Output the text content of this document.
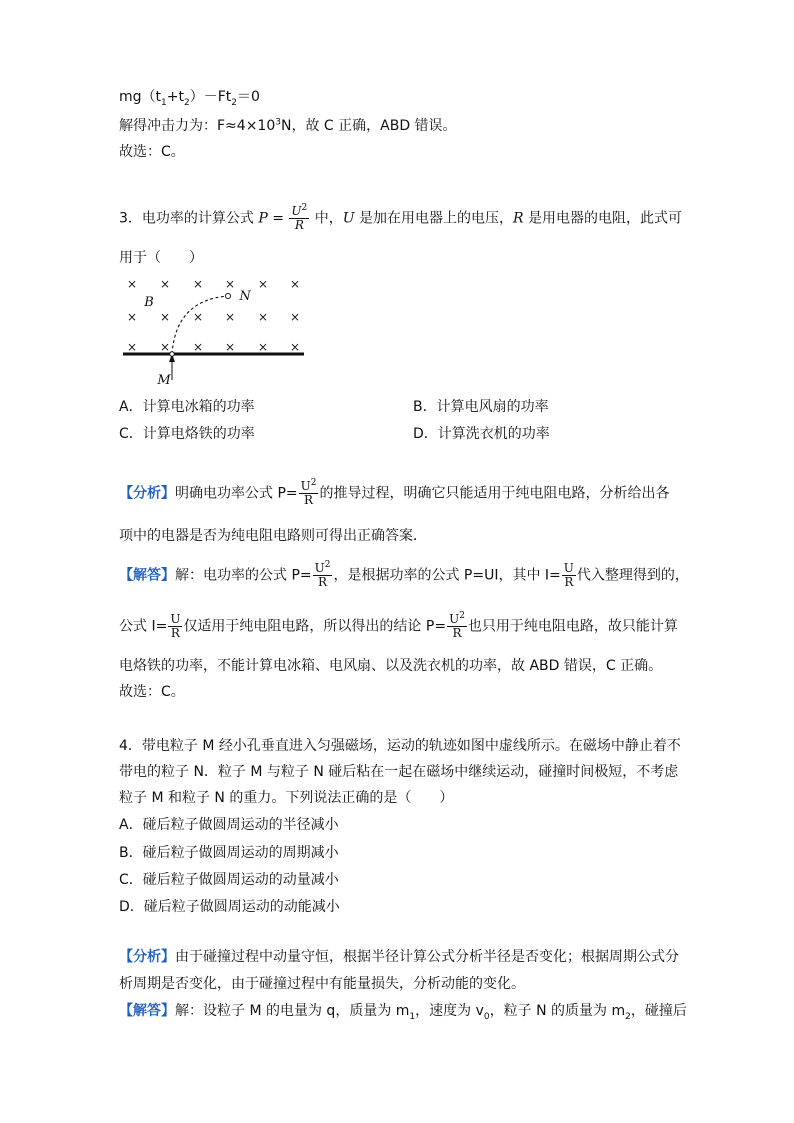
$mg(t_1+t_2)-Ft_2=0$
解得冲击力为：$F\approx 4\times 10^3N$，故 C 正确，ABD 错误。
故选：C。
3．电功率的计算公式 $P = \frac{U^2}{R}$ 中，U 是加在用电器上的电压，R 是用电器的电阻，此式可
用于（　　）
× × ×	× ×
× × × × × ×
× × × × × ×
×
B	N
M
A．计算电冰箱的功率	B．计算电风扇的功率
C．计算电烙铁的功率	D．计算洗衣机的功率
【分析】明确电功率公式 $P= \frac{U^2}{R}$ 的推导过程，明确它只能适用于纯电阻电路，分析给出各
项中的电器是否为纯电阻电路则可得出正确答案．
【解答】解：电功率的公式 $P= \frac{U^2}{R}$ ，是根据功率的公式 P=UI，其中 $I= \frac{U}{R}$ 代入整理得到的，
公式 $I= \frac{U}{R}$ 仅适用于纯电阻电路，所以得出的结论 $P= \frac{U^2}{R}$ 也只用于纯电阻电路，故只能计算
电烙铁的功率，不能计算电冰箱、电风扇、以及洗衣机的功率，故 ABD 错误，C 正确。
故选：C。
4．带电粒子 M 经小孔垂直进入匀强磁场，运动的轨迹如图中虚线所示。在磁场中静止着不
带电的粒子 N．粒子 M 与粒子 N 碰后粘在一起在磁场中继续运动，碰撞时间极短，不考虑
粒子 M 和粒子 N 的重力。下列说法正确的是（　　）
A．碰后粒子做圆周运动的半径减小
B．碰后粒子做圆周运动的周期减小
C．碰后粒子做圆周运动的动量减小
D．碰后粒子做圆周运动的动能减小
【分析】由于碰撞过程中动量守恒，根据半径计算公式分析半径是否变化；根据周期公式分
析周期是否变化，由于碰撞过程中有能量损失，分析动能的变化。
【解答】解：设粒子 M 的电量为 q，质量为 $m_1$，速度为 $v_0$，粒子 N 的质量为 $m_2$，碰撞后
